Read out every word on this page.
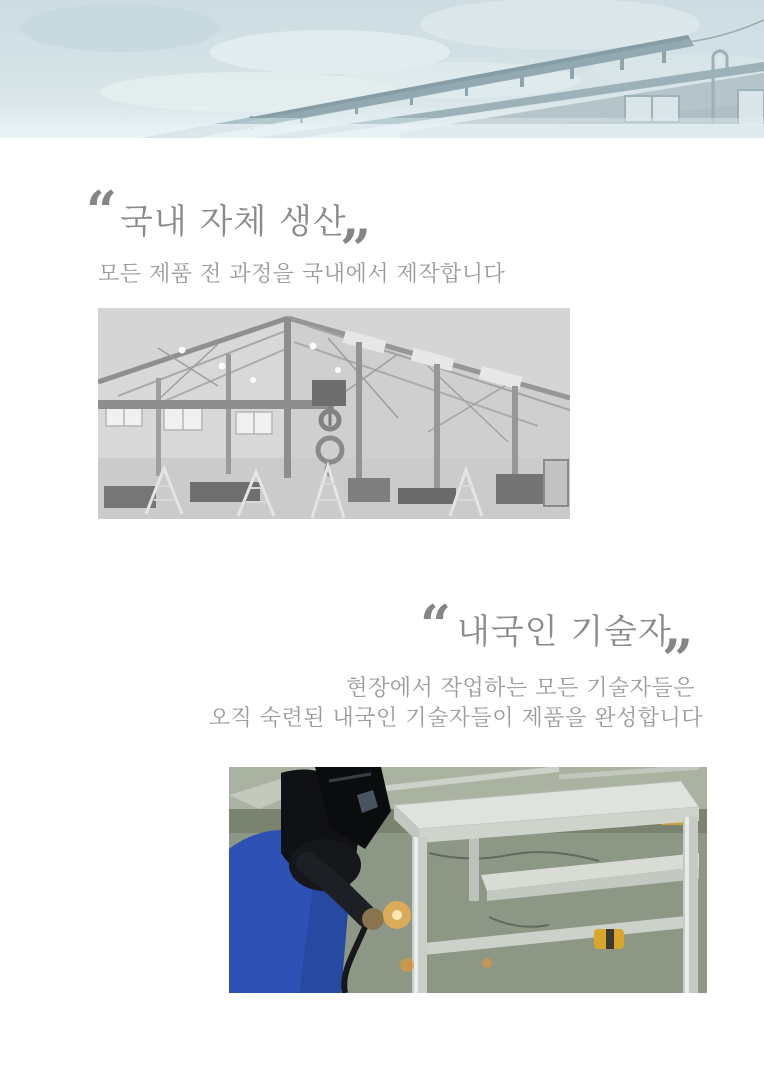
“ 국내 자체 생산
”
모든 제품 전 과정을 국내에서 제작합니다
“ 내국인 기술자
”
현장에서 작업하는 모든 기술자들은
오직 숙련된 내국인 기술자들이 제품을 완성합니다
